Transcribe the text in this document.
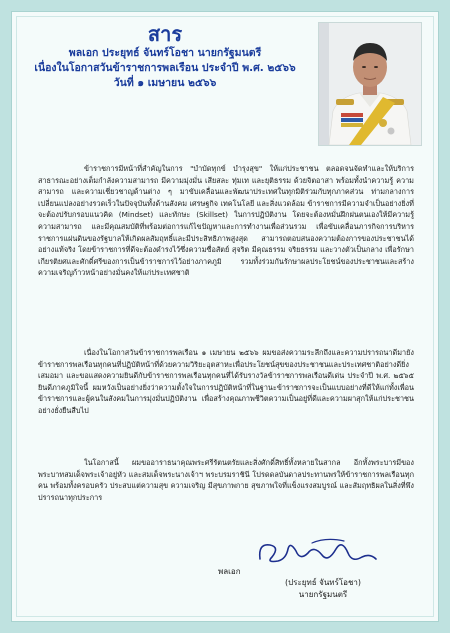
สาร
พลเอก ประยุทธ์ จันทร์โอชา นายกรัฐมนตรี
เนื่องในโอกาสวันข้าราชการพลเรือน ประจำปี พ.ศ. ๒๕๖๖
วันที่ ๑ เมษายน ๒๕๖๖
ข้าราชการมีหน้าที่สำคัญในการ "บำบัดทุกข์ บำรุงสุข" ให้แก่ประชาชน ตลอดจนจัดทำและให้บริการสาธารณะอย่างเต็มกำลังความสามารถ มีความมุ่งมั่น เสียสละ ทุ่มเท และยุติธรรม ด้วยจิตอาสา พร้อมทั้งนำความรู้ ความสามารถ และความเชี่ยวชาญด้านต่าง ๆ มาขับเคลื่อนและพัฒนาประเทศในทุกมิติร่วมกับทุกภาคส่วน ท่ามกลางการเปลี่ยนแปลงอย่างรวดเร็วในปัจจุบันทั้งด้านสังคม เศรษฐกิจ เทคโนโลยี และสิ่งแวดล้อม ข้าราชการมีความจำเป็นอย่างยิ่งที่จะต้องปรับกรอบแนวคิด (Mindset) และทักษะ (Skillset) ในการปฏิบัติงาน โดยจะต้องหมั่นฝึกฝนตนเองให้มีความรู้ ความสามารถ และมีคุณสมบัติที่พร้อมต่อการแก้ไขปัญหาและการทำงานเพื่อส่วนรวม เพื่อขับเคลื่อนภารกิจการบริหารราชการแผ่นดินของรัฐบาลให้เกิดผลสัมฤทธิ์และมีประสิทธิภาพสูงสุด สามารถตอบสนองความต้องการของประชาชนได้อย่างแท้จริง โดยข้าราชการที่ดีจะต้องดำรงไว้ซึ่งความซื่อสัตย์ สุจริต มีคุณธรรม จริยธรรม และวางตัวเป็นกลาง เพื่อรักษาเกียรติยศและศักดิ์ศรีของการเป็นข้าราชการไว้อย่างภาคภูมิ รวมทั้งร่วมกันรักษาผลประโยชน์ของประชาชนและสร้างความเจริญก้าวหน้าอย่างมั่นคงให้แก่ประเทศชาติ
เนื่องในโอกาสวันข้าราชการพลเรือน ๑ เมษายน ๒๕๖๖ ผมขอส่งความระลึกถึงและความปรารถนาดีมายังข้าราชการพลเรือนทุกคนที่ปฏิบัติหน้าที่ด้วยความวิริยะอุตสาหะเพื่อประโยชน์สุขของประชาชนและประเทศชาติอย่างดียิ่งเสมอมา และขอแสดงความยินดีกับข้าราชการพลเรือนทุกคนที่ได้รับรางวัลข้าราชการพลเรือนดีเด่น ประจำปี พ.ศ. ๒๕๖๕ ยินดีภาคภูมิใจนี้ ผมหวังเป็นอย่างยิ่งว่าความตั้งใจในการปฏิบัติหน้าที่ในฐานะข้าราชการจะเป็นแบบอย่างที่ดีให้แก่ทั้งเพื่อนข้าราชการและผู้คนในสังคมในการมุ่งมั่นปฏิบัติงาน เพื่อสร้างคุณภาพชีวิตความเป็นอยู่ที่ดีและความผาสุกให้แก่ประชาชนอย่างยั่งยืนสืบไป
ในโอกาสนี้ ผมขออาราธนาคุณพระศรีรัตนตรัยและสิ่งศักดิ์สิทธิ์ทั้งหลายในสากล อีกทั้งพระบารมีของพระบาทสมเด็จพระเจ้าอยู่หัว และสมเด็จพระนางเจ้าฯ พระบรมราชินี โปรดดลบันดาลประทานพรให้ข้าราชการพลเรือนทุกคน พร้อมทั้งครอบครัว ประสบแต่ความสุข ความเจริญ มีสุขภาพกาย สุขภาพใจที่แข็งแรงสมบูรณ์ และสัมฤทธิผลในสิ่งที่พึงปรารถนาทุกประการ
พลเอก
(ประยุทธ์ จันทร์โอชา)
นายกรัฐมนตรี
